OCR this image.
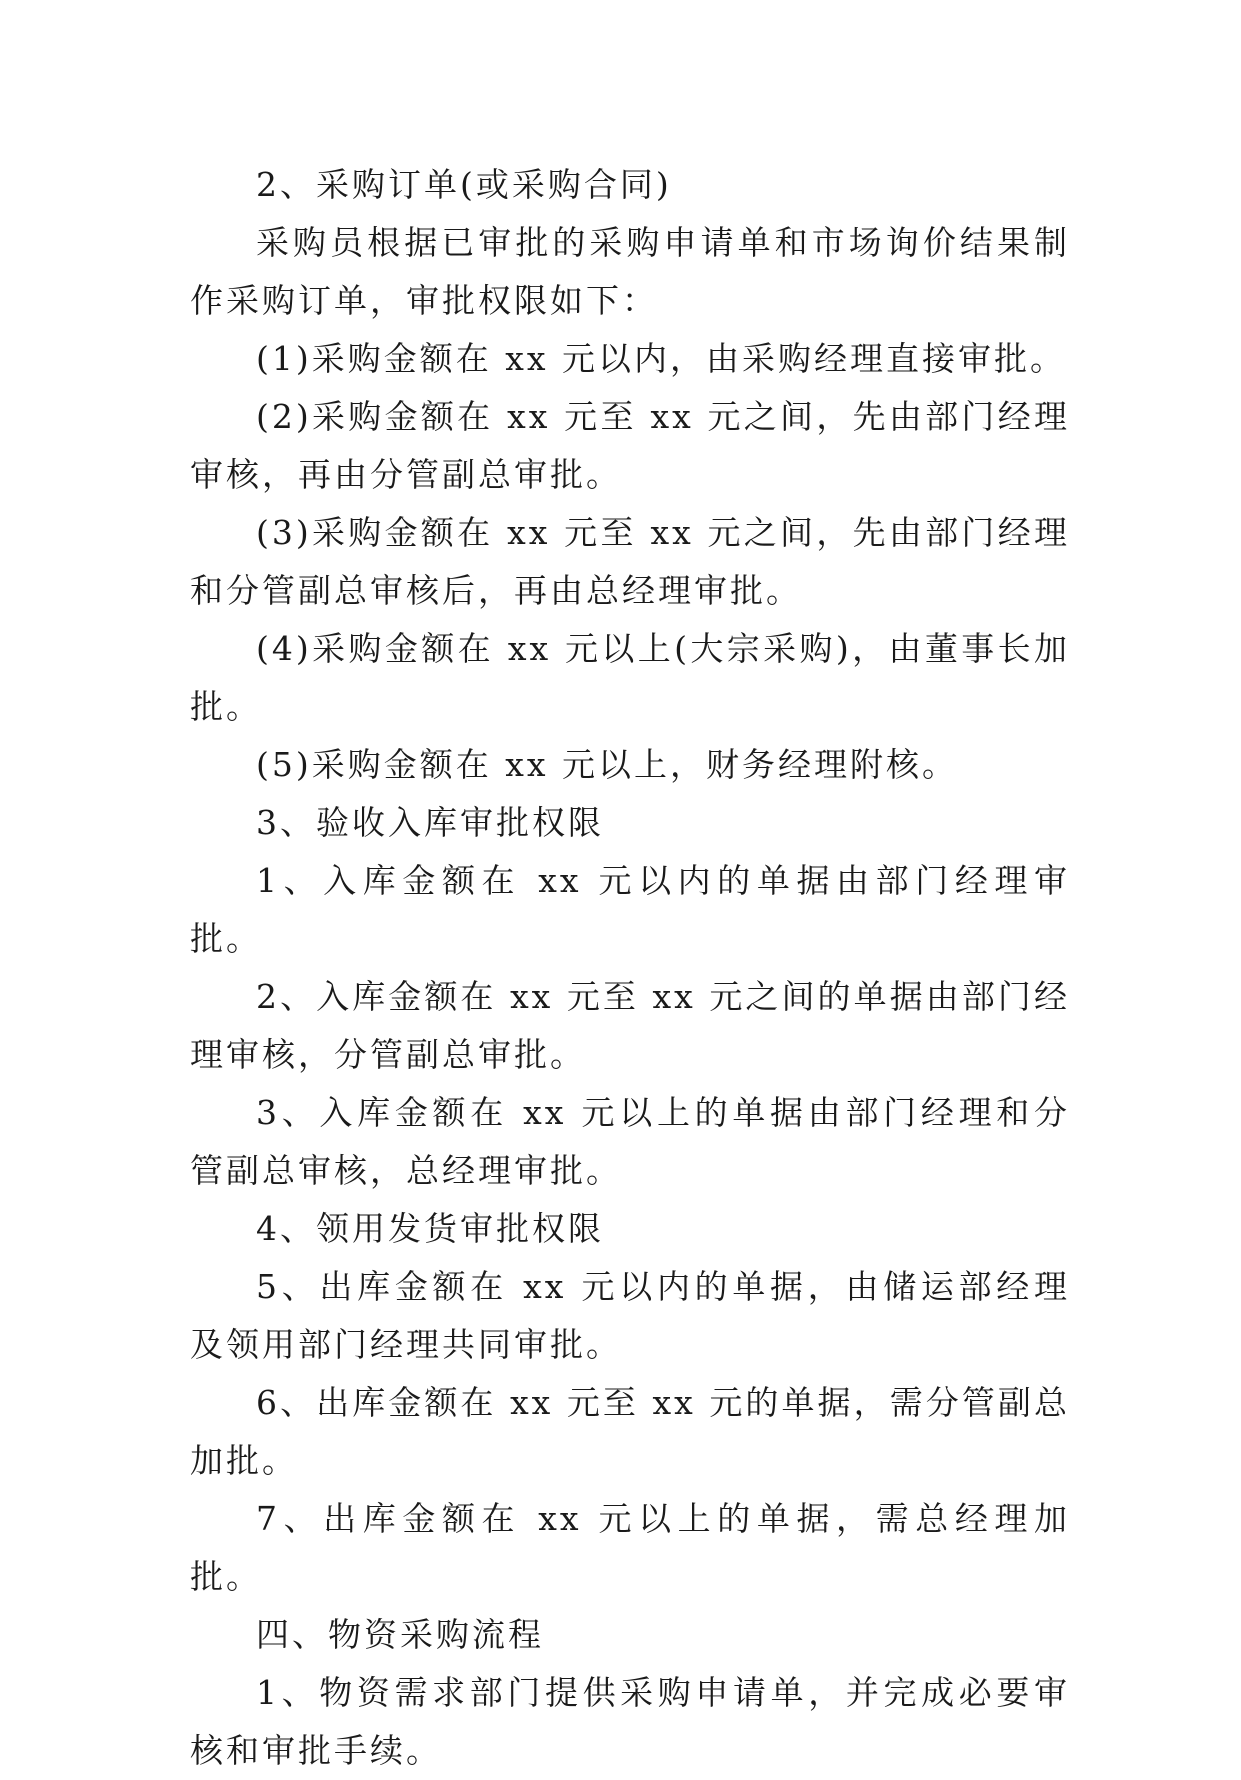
2、采购订单(或采购合同)

采购员根据已审批的采购申请单和市场询价结果制作采购订单，审批权限如下：

(1)采购金额在 xx 元以内，由采购经理直接审批。

(2)采购金额在 xx 元至 xx 元之间，先由部门经理审核，再由分管副总审批。

(3)采购金额在 xx 元至 xx 元之间，先由部门经理和分管副总审核后，再由总经理审批。

(4)采购金额在 xx 元以上(大宗采购)，由董事长加批。

(5)采购金额在 xx 元以上，财务经理附核。

3、验收入库审批权限

1、入库金额在 xx 元以内的单据由部门经理审批。

2、入库金额在 xx 元至 xx 元之间的单据由部门经理审核，分管副总审批。

3、入库金额在 xx 元以上的单据由部门经理和分管副总审核，总经理审批。

4、领用发货审批权限

5、出库金额在 xx 元以内的单据，由储运部经理及领用部门经理共同审批。

6、出库金额在 xx 元至 xx 元的单据，需分管副总加批。

7、出库金额在 xx 元以上的单据，需总经理加批。

四、物资采购流程

1、物资需求部门提供采购申请单，并完成必要审核和审批手续。
